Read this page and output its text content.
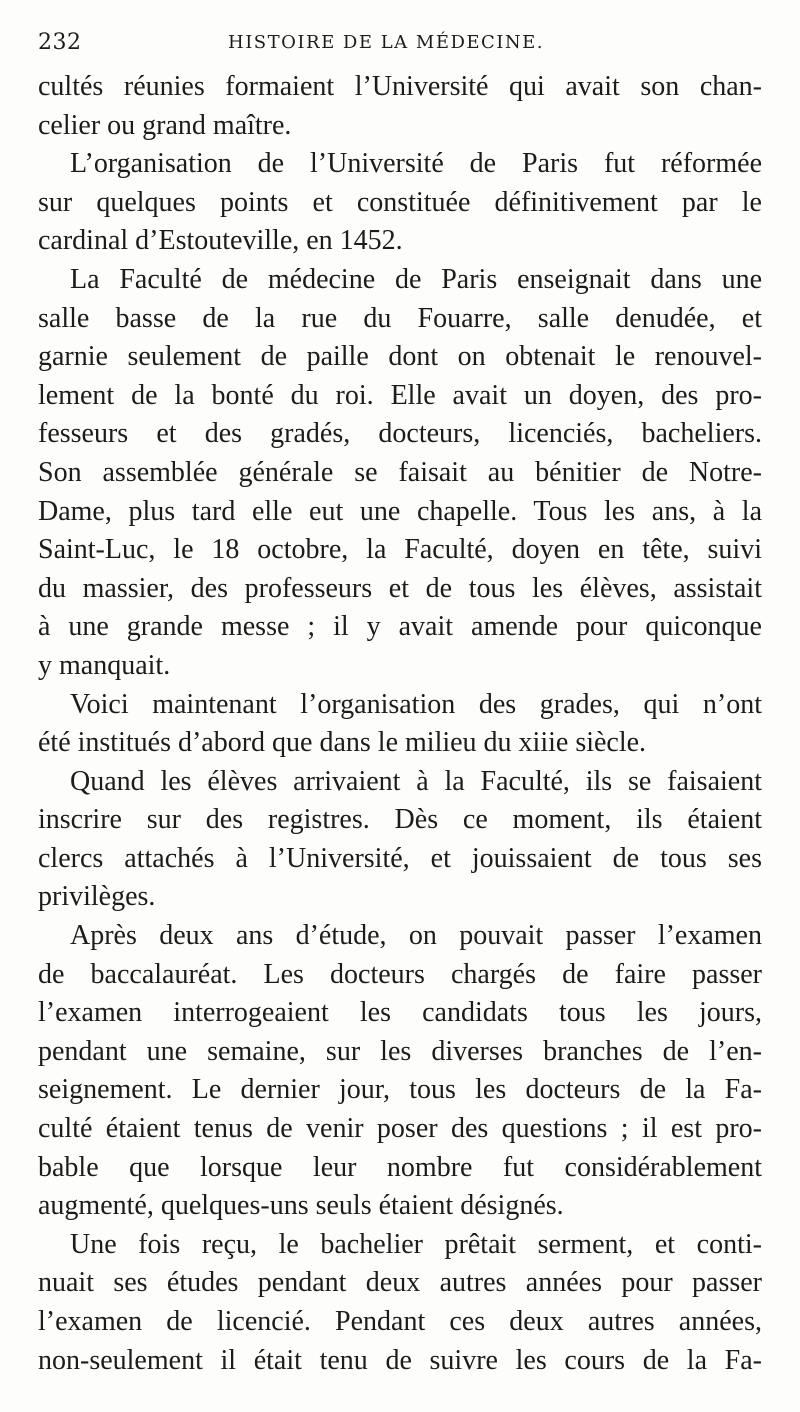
232	HISTOIRE DE LA MÉDECINE.
cultés réunies formaient l’Université qui avait son chan-
celier ou grand maître.
L’organisation de l’Université de Paris fut réformée
sur quelques points et constituée définitivement par le
cardinal d’Estouteville, en 1452.
La Faculté de médecine de Paris enseignait dans une
salle basse de la rue du Fouarre, salle denudée, et
garnie seulement de paille dont on obtenait le renouvel-
lement de la bonté du roi. Elle avait un doyen, des pro-
fesseurs et des gradés, docteurs, licenciés, bacheliers.
Son assemblée générale se faisait au bénitier de Notre-
Dame, plus tard elle eut une chapelle. Tous les ans, à la
Saint-Luc, le 18 octobre, la Faculté, doyen en tête, suivi
du massier, des professeurs et de tous les élèves, assistait
à une grande messe ; il y avait amende pour quiconque
y manquait.
Voici maintenant l’organisation des grades, qui n’ont
été institués d’abord que dans le milieu du xiiie siècle.
Quand les élèves arrivaient à la Faculté, ils se faisaient
inscrire sur des registres. Dès ce moment, ils étaient
clercs attachés à l’Université, et jouissaient de tous ses
privilèges.
Après deux ans d’étude, on pouvait passer l’examen
de baccalauréat. Les docteurs chargés de faire passer
l’examen interrogeaient les candidats tous les jours,
pendant une semaine, sur les diverses branches de l’en-
seignement. Le dernier jour, tous les docteurs de la Fa-
culté étaient tenus de venir poser des questions ; il est pro-
bable que lorsque leur nombre fut considérablement
augmenté, quelques-uns seuls étaient désignés.
Une fois reçu, le bachelier prêtait serment, et conti-
nuait ses études pendant deux autres années pour passer
l’examen de licencié. Pendant ces deux autres années,
non-seulement il était tenu de suivre les cours de la Fa-
